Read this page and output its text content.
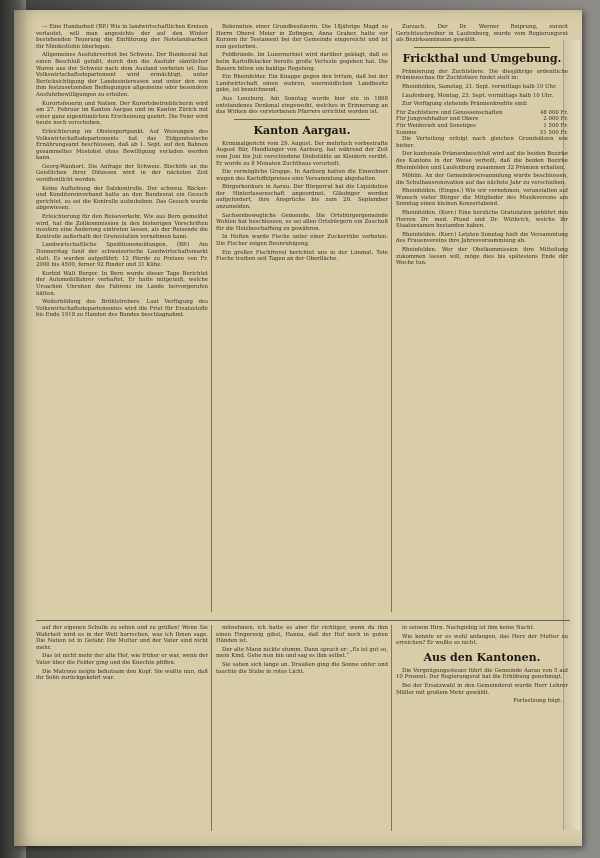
— Eine Handarbeit (BP.) Wie in landwirtschaftlichen Kreisen verlautet, will man angesichts der auf den Winter bestehenden Teuerung die Einführung der Notstandsarbeit für Mindestlohn überlegen.

Allgemeines Ausfuhrverbot bei Schweiz. Der Bundesrat hat einen Beschluß gefaßt, durch den die Ausfuhr sämtlicher Waren aus der Schweiz nach dem Ausland verboten ist. Das Volkswirtschaftsdepartement wird ermächtigt, unter Berücksichtigung der Landesinteressen und unter den von ihm festzusetzenden Bedingungen allgemeine oder besondere Ausfuhrbewilligungen zu erteilen.

Kurortsfeuerin und Nation. Der Kurortsbetrieblicherin wird am 27. Februar im Kanton Aargau und im Kanton Zürich mit einer ganz eigentümlichen Erscheinung geehrt. Die Feier wird heute noch verschoben.

Erleichterung im Obstexportpunkt. Auf Weisungen des Volkswirtschaftsdepartements hat das Eidgenössische Ernährungsamt beschlossen, daß ab 1. Sept. auf den Bahnen gesammeltes Mostobst ohne Bewilligung verladen werden kann.

Georg-Wanhort. Die Anfrage der Schweiz. Bischöfe an die Geistlichen ihrer Diözesen wird in der nächsten Zeit veröffentlicht werden.

Keine Aufhebung der Salzkontrolle. Der schweiz. Bäcker- und Konditorenverband hatte an den Bundesrat ein Gesuch gerichtet, es sei die Kontrolle aufzuheben. Das Gesuch wurde abgewiesen.

Erleichterung für den Reiseverkehr. Wie aus Bern gemeldet wird, hat die Zollkommission in den bisherigen Vorschriften insofern eine Änderung eintreten lassen, als der Reisende die Kontrolle außerhalb der Grenzstation vornehmen kann.

Landwirtschaftliche Speditionsmeldungen. (BP.) Am Donnerstag fand der schweizerische Landwirtschaftsmarkt statt. Es wurden aufgeführt: 12 Pferde zu Preisen von Fr. 2000 bis 4500, ferner 92 Rinder und 31 Kühe.

Korbid Walt Berger. In Bern wurde dieser Tage Berichtet der Automobilfahrer verhaftet. Er hatte mitgeteilt, welche Ursachen Unruhen des Fahrens im Lande hervorgerufen hätten.

Weiterbildung des Brühlstrebers. Laut Verfügung des Volkswirtschaftsdepartementes wird die Frist für Ersatzstoffe bis Ende 1918 zu Handen des Bundes beschlagnahmt.

Bekenntnis einer Grundbesitzerin. Die 18jährige Magd zu Herrn Oberst Meier in Zofingen, Anna Graber, hatte vor Kurzem ihr Testament bei der Gemeinde eingereicht und ist nun gestorben.

Feldbrände. Im Luzernerbiet wird darüber geklagt, daß es beim Kartoffelacker bereits große Verluste gegeben hat. Die Bauern bitten um baldige Regelung.

Ein Rheinfelder. Ein Knappe gegen den Irrtum, daß bei der Landwirtschaft einen wahren, unermüdlichen Landbesitz gebe, ist bezeichnend.

Aus Lenzburg. Am Sonntag wurde hier ein in 1868 entstandenes Denkmal eingeweiht, welches in Erinnerung an das Wirken des verstorbenen Pfarrers errichtet worden ist.

Kanton Aargau.

Kriminalgericht vom 29. August. Der mehrfach vorbestrafte August Bär, Handlanger von Aarburg, hat während der Zeit vom Juni bis Juli verschiedene Diebstähle an Kleidern verübt. Er wurde zu 8 Monaten Zuchthaus verurteilt.

Die vermögliche Gruppe. In Aarburg hatten die Einwohner wegen des Kartoffelpreises eine Versammlung abgehalten.

Bürgerkonkurs in Aarau. Der Bürgerrat hat die Liquidation der Hinterlassenschaft angeordnet. Gläubiger werden aufgefordert, ihre Ansprüche bis zum 20. September anzumelden.

Sachsenbewegliche Gemeinde. Die Ortsbürgergemeinde Wohlen hat beschlossen, es sei allen Ortsbürgern ein Zuschuß für die Holzbeschaffung zu gewähren.

In Holten wurde Fische unter einer Zuckerrübe verboten. Die Fischer zeigen Beunruhigung.

Ein großer Fischfrevel berichtet uns in der Limmat. Tote Fische treiben seit Tagen an der Oberfläche.

Zurzach. Der Dr. Werner Reiprung, zurzeit Gerichtsschreiber in Laufenburg, wurde vom Regierungsrat als Bezirksamtmann gewählt.

Frickthal und Umgebung.

Prämierung der Zuchtstiere. Die diesjährige ordentliche Prämienschau für Zuchtstiere findet statt in:

Rheinfelden, Samstag, 21. Sept. vormittags halb 10 Uhr.

Laufenburg, Montag, 23. Sept. vormittags halb 10 Uhr.

Zur Verfügung stehende Prämienkredite sind:

Für Zuchtstiere und Genossenschaften	48 000 Fr.
Für Jungviehhalter und Obere	2 000 Fr.
Für Weidevieh und Sonstiges	1 500 Fr.
Summe	51 500 Fr.

Die Verteilung erfolgt nach gleichen Grundsätzen wie bisher.

Der kantonale Prämienbeschluß wird auf die beiden Bezirke des Kantons in der Weise verteilt, daß die beiden Bezirke Rheinfelden und Laufenburg zusammen 32 Prämien erhalten.

Möhlin. An der Gemeindeversammlung wurde beschlossen, die Schulhausrenovation auf das nächste Jahr zu verschieben.

Rheinfelden. (Einges.) Wie wir vernehmen, veranstalten auf Wunsch vieler Bürger die Mitglieder des Musikvereins am Sonntag einen kleinen Konzertabend.

Rheinfelden. (Korr.) Eine herzliche Gratulation gebührt den Herren Dr. med. Pfund und Dr. Wüthrich, welche ihr Staatsexamen bestanden haben.

Rheinfelden. (Korr.) Letzten Sonntag hielt die Versammlung des Frauenvereins ihre Jahresversammlung ab.

Rheinfelden. Wer der Obstkommission ihre Mitteilung zukommen lassen will, möge dies bis spätestens Ende der Woche tun.

auf der eigenen Schulle zu sehen und zu grüßen! Wenn Sie Wahrheit wird es in der Welt herrschen, was ich Ihnen sage. Die Nation ist in Gefahr. Die Mutter und der Vater sind nicht mehr.

Das ist nicht mehr der alte Hof, wie früher er war, wenn der Vater über die Felder ging und die Knechte pfiffen.

Die Matrone neigte behutsam den Kopf. Sie wußte nun, daß ihr Sohn zurückgekehrt war.

mitnehmen, ich hatte es aber für richtiger, wenn du ihm einen Fingerzeig gibst, Hanna, daß der Hof noch in guten Händen ist.

Der alte Mann nickte stumm. Dann sprach er: „Es ist gut so, mein Kind. Gehe nun hin und sag es ihm selbst.“

Sie sahen sich lange an. Draußen ging die Sonne unter und tauchte die Stube in rotes Licht.

in seinem Hirn. Nachgiebig ist ihm keine Nacht.

Wie konnte er es wohl anfangen, das Herz der Mutter zu erreichen? Er wußte es nicht.

Aus den Kantonen.

Die Vergnügungssteuer führt die Gemeinde Aarau von 5 auf 10 Prozent. Der Regierungsrat hat die Erhöhung genehmigt.

Bei der Ersatzwahl in den Gemeinderat wurde Herr Lehrer Müller mit großem Mehr gewählt.

Fortsetzung folgt.
